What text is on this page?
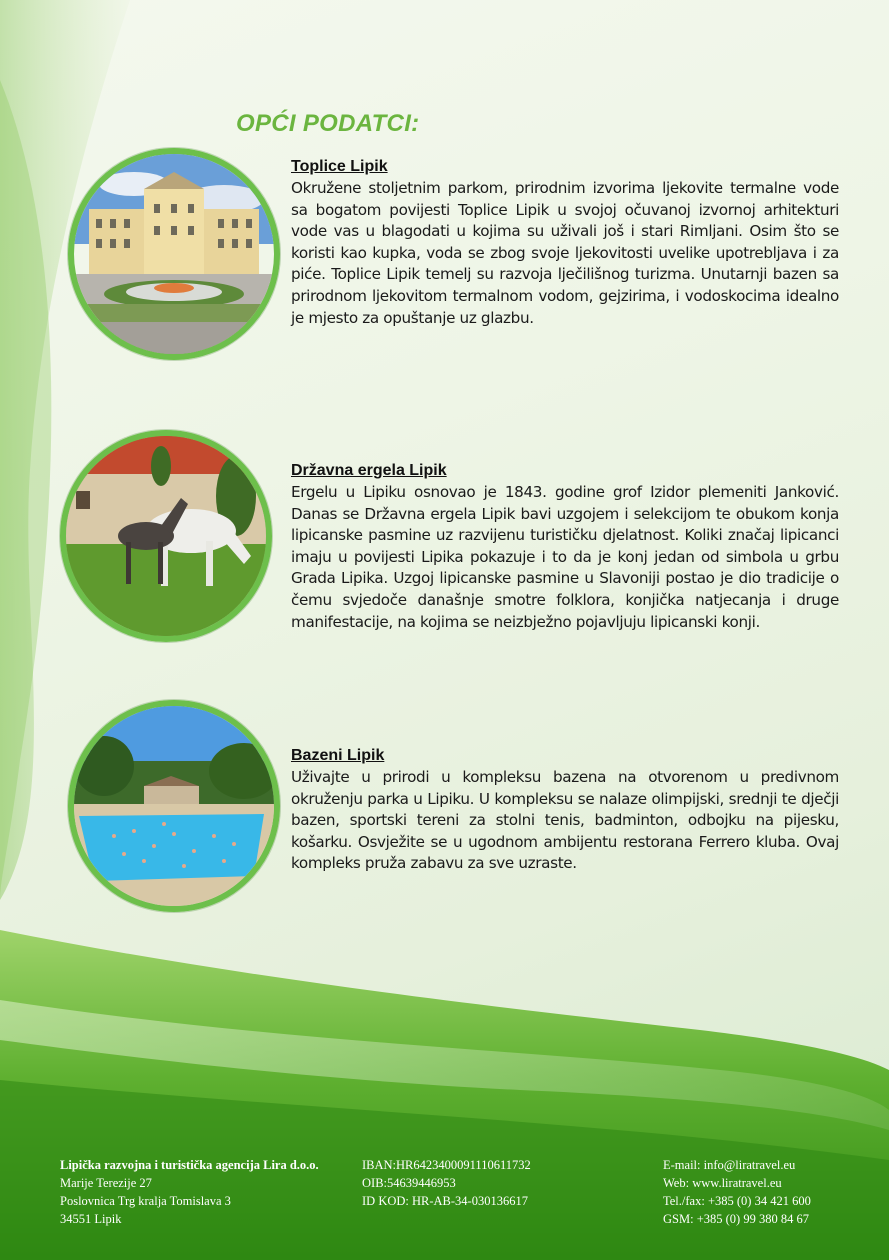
OPĆI PODATCI:
Toplice Lipik

Okružene stoljetnim parkom, prirodnim izvorima ljekovite termalne vode sa bogatom povijesti Toplice Lipik u svojoj očuvanoj izvornoj arhitekturi vode vas u blagodati u kojima su uživali još i stari Rimljani. Osim što se koristi kao kupka, voda se zbog svoje ljekovitosti uvelike upotrebljava i za piće. Toplice Lipik temelj su razvoja lječilišnog turizma. Unutarnji bazen sa prirodnom ljekovitom termalnom vodom, gejzirima, i vodoskocima idealno je mjesto za opuštanje uz glazbu.

Državna ergela Lipik

Ergelu u Lipiku osnovao je 1843. godine grof Izidor plemeniti Janković. Danas se Državna ergela Lipik bavi uzgojem i selekcijom te obukom konja lipicanske pasmine uz razvijenu turističku djelatnost. Koliki značaj lipicanci imaju u povijesti Lipika pokazuje i to da je konj jedan od simbola u grbu Grada Lipika. Uzgoj lipicanske pasmine u Slavoniji postao je dio tradicije o čemu svjedoče današnje smotre folklora, konjička natjecanja i druge manifestacije, na kojima se neizbježno pojavljuju lipicanski konji.

Bazeni Lipik

Uživajte u prirodi u kompleksu bazena na otvorenom u predivnom okruženju parka u Lipiku. U kompleksu se nalaze olimpijski, srednji te dječji bazen, sportski tereni za stolni tenis, badminton, odbojku na pijesku, košarku. Osvježite se u ugodnom ambijentu restorana Ferrero kluba. Ovaj kompleks pruža zabavu za sve uzraste.

Lipička razvojna i turistička agencija Lira d.o.o.
Marije Terezije 27
Poslovnica Trg kralja Tomislava 3
34551 Lipik
IBAN:HR6423400091110611732
OIB:54639446953
ID KOD: HR-AB-34-030136617
E-mail: info@liratravel.eu
Web: www.liratravel.eu
Tel./fax: +385 (0) 34 421 600
GSM: +385 (0) 99 380 84 67
